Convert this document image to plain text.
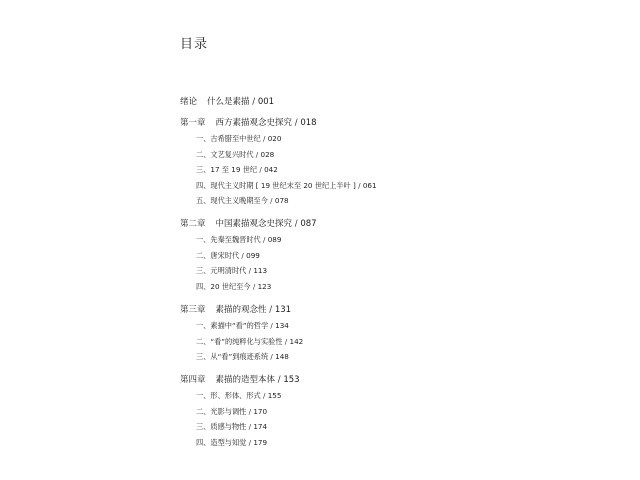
目录
绪论 什么是素描 / 001
第一章 西方素描观念史探究 / 018
一、古希腊至中世纪 / 020
二、文艺复兴时代 / 028
三、17 至 19 世纪 / 042
四、现代主义时期 [ 19 世纪末至 20 世纪上半叶 ] / 061
五、现代主义晚期至今 / 078
第二章 中国素描观念史探究 / 087
一、先秦至魏晋时代 / 089
二、唐宋时代 / 099
三、元明清时代 / 113
四、20 世纪至今 / 123
第三章 素描的观念性 / 131
一、素描中“看”的哲学 / 134
二、“看”的纯粹化与实验性 / 142
三、从“看”到痕迹系统 / 148
第四章 素描的造型本体 / 153
一、形、形体、形式 / 155
二、光影与调性 / 170
三、质感与物性 / 174
四、造型与知觉 / 179
